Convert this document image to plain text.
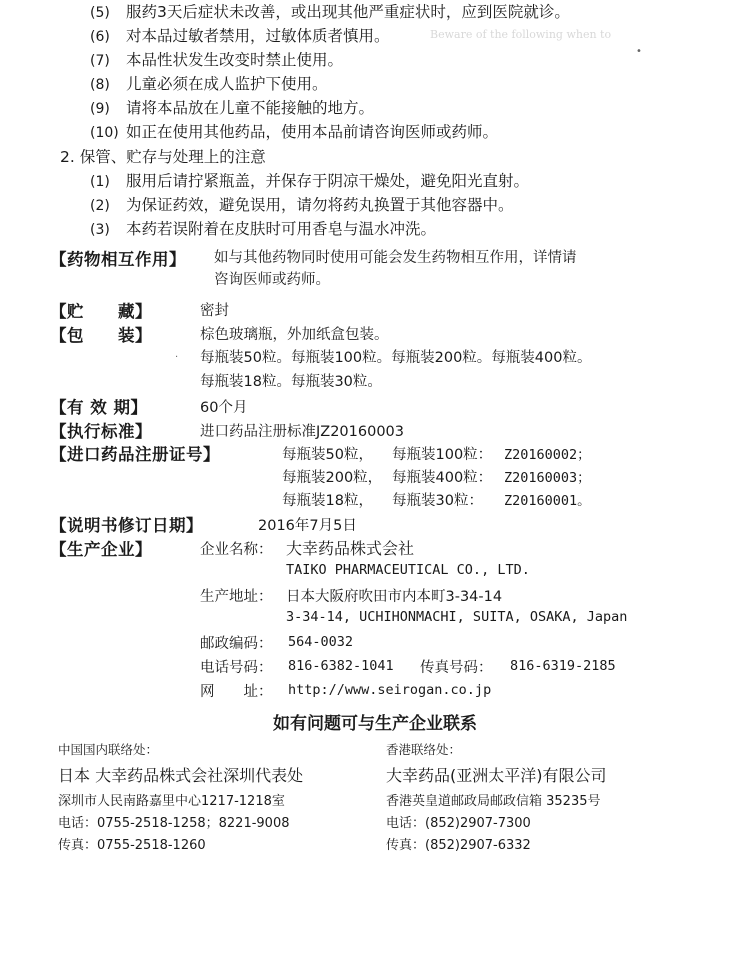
Beware of the following when to
•
(5) 服药3天后症状未改善，或出现其他严重症状时，应到医院就诊。
(6) 对本品过敏者禁用，过敏体质者慎用。
(7) 本品性状发生改变时禁止使用。
(8) 儿童必须在成人监护下使用。
(9) 请将本品放在儿童不能接触的地方。
(10) 如正在使用其他药品，使用本品前请咨询医师或药师。
2. 保管、贮存与处理上的注意
(1) 服用后请拧紧瓶盖，并保存于阴凉干燥处，避免阳光直射。
(2) 为保证药效，避免误用，请勿将药丸换置于其他容器中。
(3) 本药若误附着在皮肤时可用香皂与温水冲洗。
【药物相互作用】 如与其他药物同时使用可能会发生药物相互作用，详情请
咨询医师或药师。
【贮　　藏】	密封
【包　　装】	棕色玻璃瓶，外加纸盒包装。
每瓶装50粒。每瓶装100粒。每瓶装200粒。每瓶装400粒。
每瓶装18粒。每瓶装30粒。
【有 效 期】	60个月
【执行标准】	进口药品注册标准JZ20160003
【进口药品注册证号】	每瓶装50粒， 每瓶装100粒： Z20160002；
每瓶装200粒， 每瓶装400粒： Z20160003；
每瓶装18粒， 每瓶装30粒： Z20160001。
【说明书修订日期】	2016年7月5日
【生产企业】	企业名称： 大幸药品株式会社
TAIKO PHARMACEUTICAL CO., LTD.
生产地址： 日本大阪府吹田市内本町3-34-14
3-34-14, UCHIHONMACHI, SUITA, OSAKA, Japan
邮政编码： 564-0032
电话号码： 816-6382-1041 传真号码： 816-6319-2185
网　　址： http://www.seirogan.co.jp
如有问题可与生产企业联系
中国国内联络处：
日本 大幸药品株式会社深圳代表处
深圳市人民南路嘉里中心1217-1218室
电话：0755-2518-1258；8221-9008
传真：0755-2518-1260
香港联络处：
大幸药品(亚洲太平洋)有限公司
香港英皇道邮政局邮政信箱 35235号
电话：(852)2907-7300
传真：(852)2907-6332
·
